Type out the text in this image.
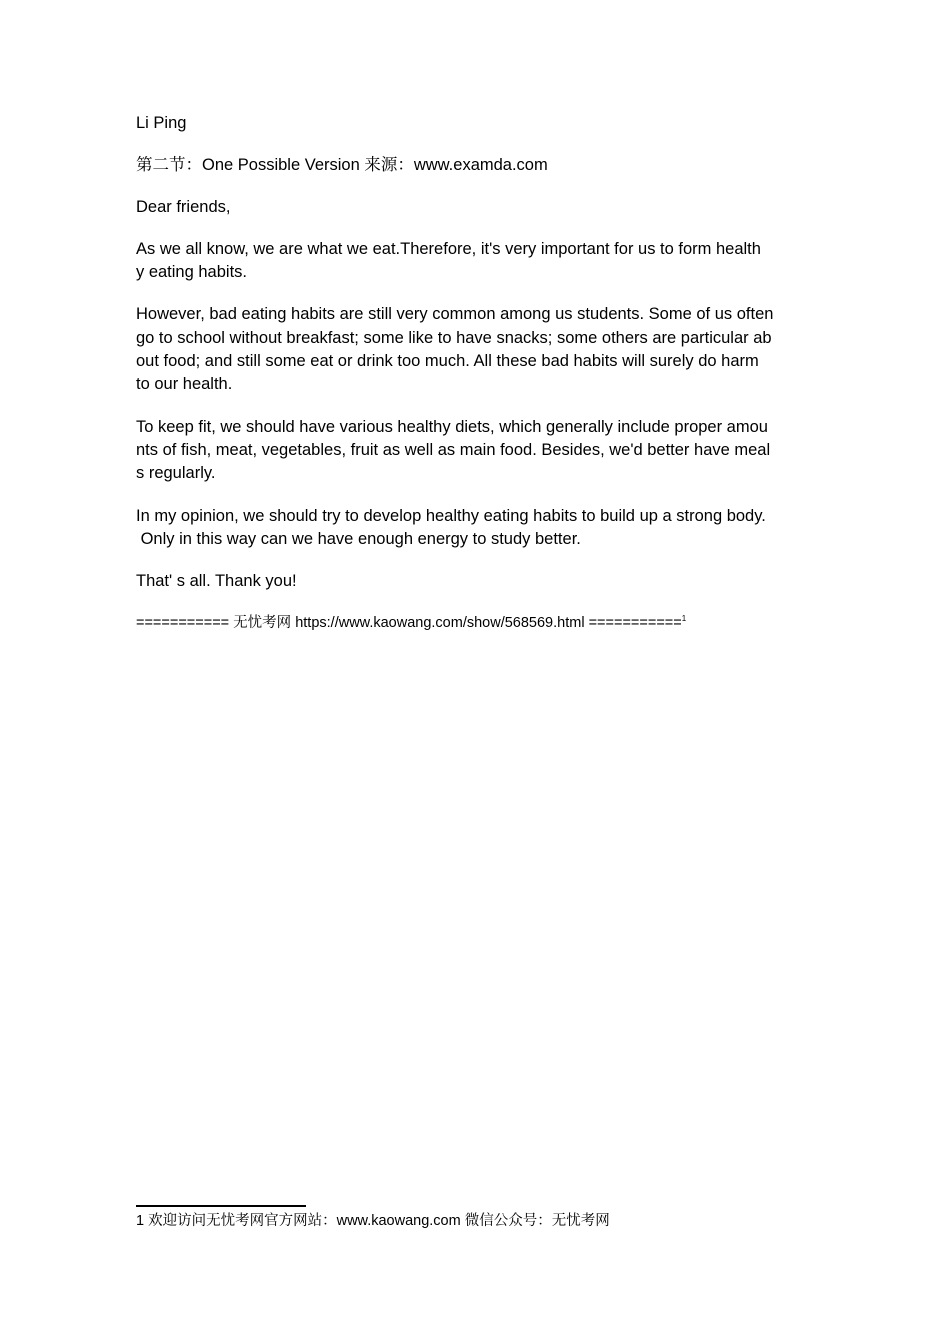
Li Ping

第二节：One Possible Version 来源：www.examda.com

Dear friends,

As we all know, we are what we eat.Therefore, it's very important for us to form health
y eating habits.

However, bad eating habits are still very common among us students. Some of us often
go to school without breakfast; some like to have snacks; some others are particular ab
out food; and still some eat or drink too much. All these bad habits will surely do harm
to our health.

To keep fit, we should have various healthy diets, which generally include proper amou
nts of fish, meat, vegetables, fruit as well as main food. Besides, we'd better have meal
s regularly.

In my opinion, we should try to develop healthy eating habits to build up a strong body.
Only in this way can we have enough energy to study better.

That' s all. Thank you!

=========== 无忧考网 https://www.kaowang.com/show/568569.html ===========$^1$

1 欢迎访问无忧考网官方网站：www.kaowang.com 微信公众号：无忧考网
